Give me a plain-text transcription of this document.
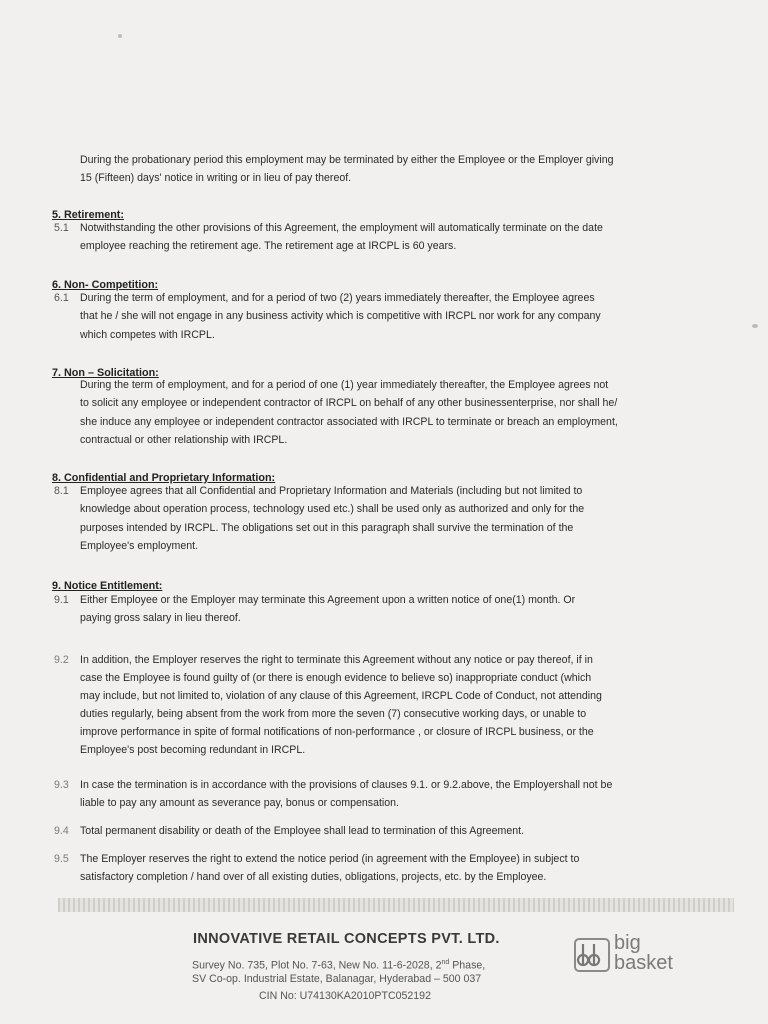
During the probationary period this employment may be terminated by either the Employee or the Employer giving
15 (Fifteen) days' notice in writing or in lieu of pay thereof.
5. Retirement:
5.1 Notwithstanding the other provisions of this Agreement, the employment will automatically terminate on the date
employee reaching the retirement age. The retirement age at IRCPL is 60 years.
6. Non- Competition:
6.1 During the term of employment, and for a period of two (2) years immediately thereafter, the Employee agrees
that he / she will not engage in any business activity which is competitive with IRCPL nor work for any company
which competes with IRCPL.
7. Non – Solicitation:
During the term of employment, and for a period of one (1) year immediately thereafter, the Employee agrees not
to solicit any employee or independent contractor of IRCPL on behalf of any other businessenterprise, nor shall he/
she induce any employee or independent contractor associated with IRCPL to terminate or breach an employment,
contractual or other relationship with IRCPL.
8. Confidential and Proprietary Information:
8.1 Employee agrees that all Confidential and Proprietary Information and Materials (including but not limited to
knowledge about operation process, technology used etc.) shall be used only as authorized and only for the
purposes intended by IRCPL. The obligations set out in this paragraph shall survive the termination of the
Employee's employment.
9. Notice Entitlement:
9.1 Either Employee or the Employer may terminate this Agreement upon a written notice of one(1) month. Or
paying gross salary in lieu thereof.
9.2 In addition, the Employer reserves the right to terminate this Agreement without any notice or pay thereof, if in
case the Employee is found guilty of (or there is enough evidence to believe so) inappropriate conduct (which
may include, but not limited to, violation of any clause of this Agreement, IRCPL Code of Conduct, not attending
duties regularly, being absent from the work from more the seven (7) consecutive working days, or unable to
improve performance in spite of formal notifications of non-performance , or closure of IRCPL business, or the
Employee's post becoming redundant in IRCPL.
9.3 In case the termination is in accordance with the provisions of clauses 9.1. or 9.2.above, the Employershall not be
liable to pay any amount as severance pay, bonus or compensation.
9.4 Total permanent disability or death of the Employee shall lead to termination of this Agreement.
9.5 The Employer reserves the right to extend the notice period (in agreement with the Employee) in subject to
satisfactory completion / hand over of all existing duties, obligations, projects, etc. by the Employee.
INNOVATIVE RETAIL CONCEPTS PVT. LTD.
Survey No. 735, Plot No. 7-63, New No. 11-6-2028, 2nd Phase,
SV Co-op. Industrial Estate, Balanagar, Hyderabad – 500 037
CIN No: U74130KA2010PTC052192
big
basket
